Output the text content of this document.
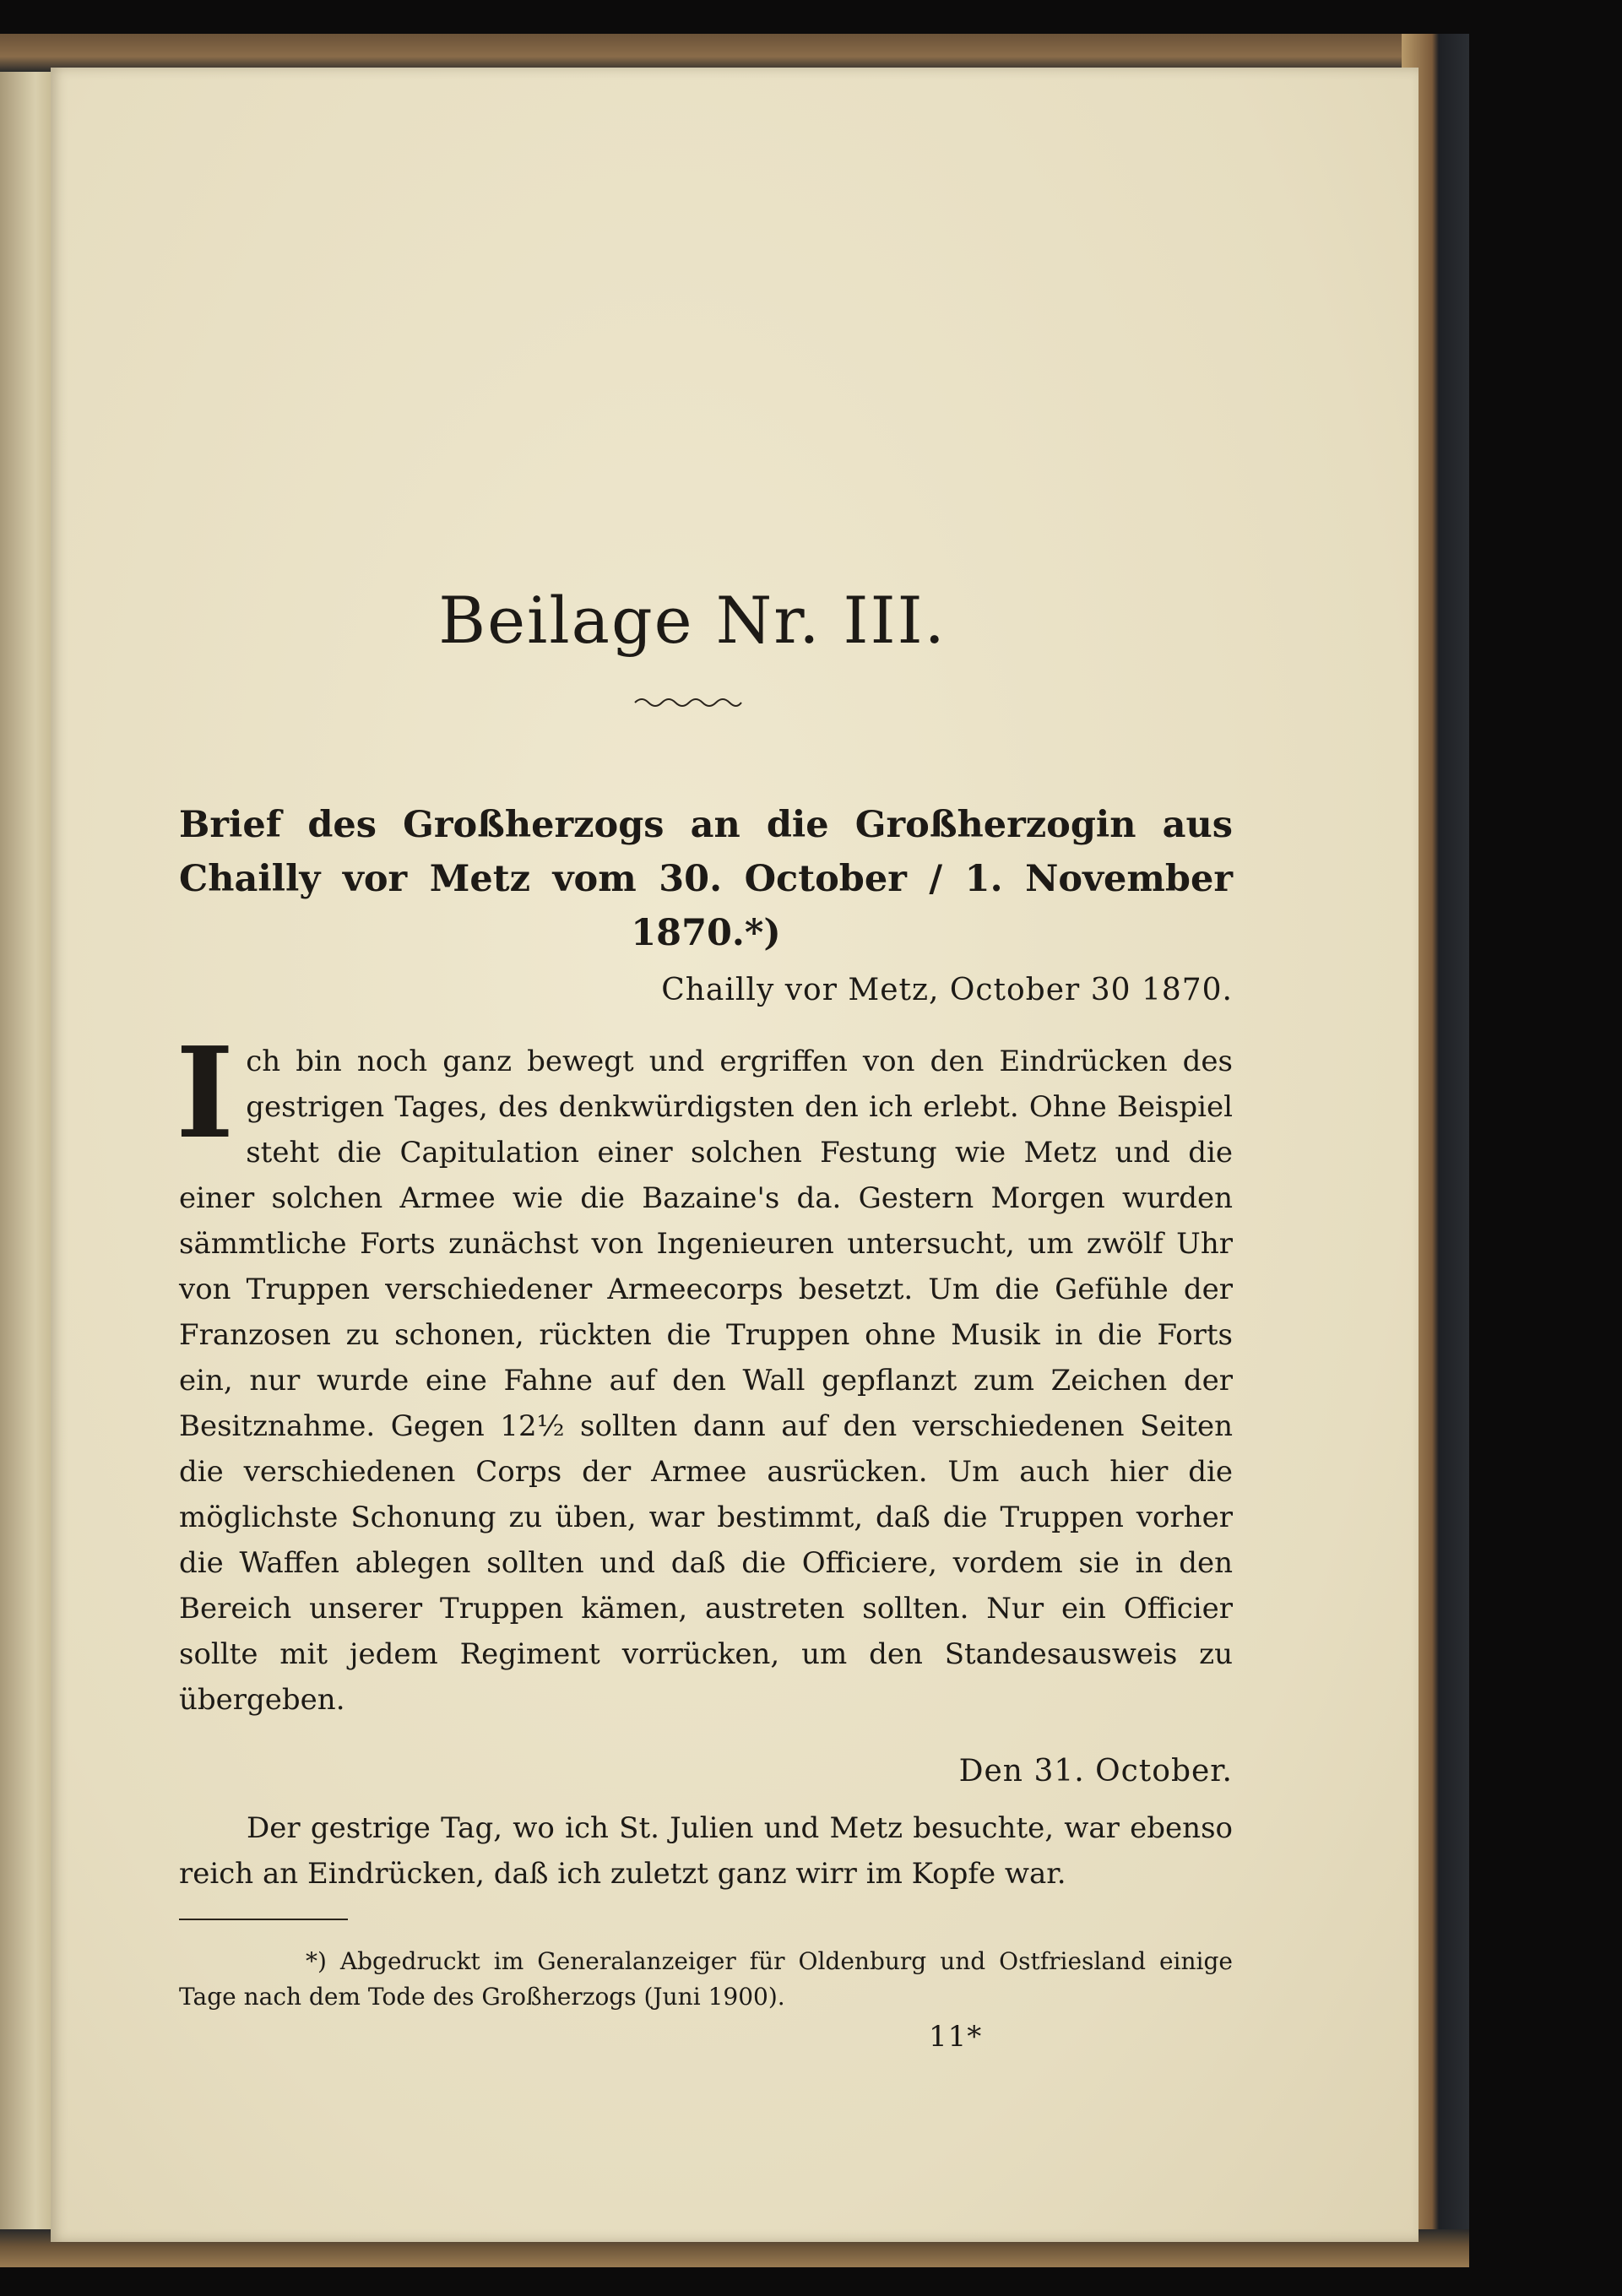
Beilage Nr. III.
Brief des Großherzogs an die Großherzogin aus Chailly vor Metz vom 30. October / 1. November 1870.*)
Chailly vor Metz, October 30 1870.
I ch bin noch ganz bewegt und ergriffen von den Eindrücken des gestrigen Tages, des denkwürdigsten den ich erlebt. Ohne Beispiel steht die Capitulation einer solchen Festung wie Metz und die einer solchen Armee wie die Bazaine's da. Gestern Morgen wurden sämmtliche Forts zunächst von Ingenieuren untersucht, um zwölf Uhr von Truppen verschiedener Armeecorps besetzt. Um die Gefühle der Franzosen zu schonen, rückten die Truppen ohne Musik in die Forts ein, nur wurde eine Fahne auf den Wall gepflanzt zum Zeichen der Besitznahme. Gegen 12½ sollten dann auf den verschiedenen Seiten die verschiedenen Corps der Armee ausrücken. Um auch hier die möglichste Schonung zu üben, war bestimmt, daß die Truppen vorher die Waffen ablegen sollten und daß die Officiere, vordem sie in den Bereich unserer Truppen kämen, austreten sollten. Nur ein Officier sollte mit jedem Regiment vorrücken, um den Standesausweis zu übergeben.
Den 31. October.
Der gestrige Tag, wo ich St. Julien und Metz besuchte, war ebenso reich an Eindrücken, daß ich zuletzt ganz wirr im Kopfe war.
*) Abgedruckt im Generalanzeiger für Oldenburg und Ostfriesland einige Tage nach dem Tode des Großherzogs (Juni 1900).
11*
